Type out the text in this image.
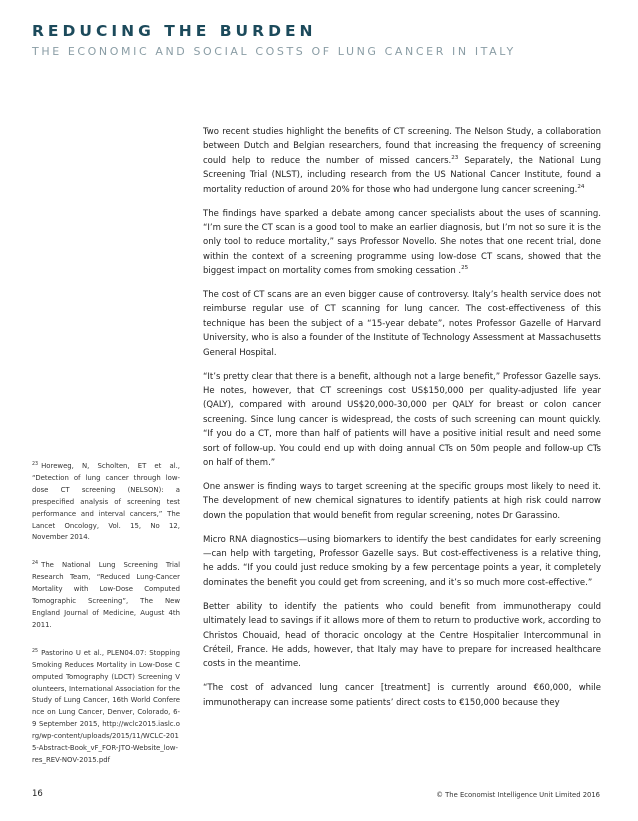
REDUCING THE BURDEN
THE ECONOMIC AND SOCIAL COSTS OF LUNG CANCER IN ITALY

Two recent studies highlight the benefits of CT screening. The Nelson Study, a collaboration between Dutch and Belgian researchers, found that increasing the frequency of screening could help to reduce the number of missed cancers.$^{23}$ Separately, the National Lung Screening Trial (NLST), including research from the US National Cancer Institute, found a mortality reduction of around 20% for those who had undergone lung cancer screening.$^{24}$

The findings have sparked a debate among cancer specialists about the uses of scanning. “I’m sure the CT scan is a good tool to make an earlier diagnosis, but I’m not so sure it is the only tool to reduce mortality,” says Professor Novello. She notes that one recent trial, done within the context of a screening programme using low-dose CT scans, showed that the biggest impact on mortality comes from smoking cessation .$^{25}$

The cost of CT scans are an even bigger cause of controversy. Italy’s health service does not reimburse regular use of CT scanning for lung cancer. The cost-effectiveness of this technique has been the subject of a “15-year debate”, notes Professor Gazelle of Harvard University, who is also a founder of the Institute of Technology Assessment at Massachusetts General Hospital.

“It’s pretty clear that there is a benefit, although not a large benefit,” Professor Gazelle says. He notes, however, that CT screenings cost US$150,000 per quality-adjusted life year (QALY), compared with around US$20,000-30,000 per QALY for breast or colon cancer screening. Since lung cancer is widespread, the costs of such screening can mount quickly. “If you do a CT, more than half of patients will have a positive initial result and need some sort of follow-up. You could end up with doing annual CTs on 50m people and follow-up CTs on half of them.”

One answer is finding ways to target screening at the specific groups most likely to need it. The development of new chemical signatures to identify patients at high risk could narrow down the population that would benefit from regular screening, notes Dr Garassino.

Micro RNA diagnostics—using biomarkers to identify the best candidates for early screening—can help with targeting, Professor Gazelle says. But cost-effectiveness is a relative thing, he adds. “If you could just reduce smoking by a few percentage points a year, it completely dominates the benefit you could get from screening, and it’s so much more cost-effective.”

Better ability to identify the patients who could benefit from immunotherapy could ultimately lead to savings if it allows more of them to return to productive work, according to Christos Chouaid, head of thoracic oncology at the Centre Hospitalier Intercommunal in Créteil, France. He adds, however, that Italy may have to prepare for increased healthcare costs in the meantime.

“The cost of advanced lung cancer [treatment] is currently around €60,000, while immunotherapy can increase some patients’ direct costs to €150,000 because they

$^{23}$ Horeweg, N, Scholten, ET et al., “Detection of lung cancer through low-dose CT screening (NELSON): a prespecified analysis of screening test performance and interval cancers,” The Lancet Oncology, Vol. 15, No 12, November 2014.

$^{24}$ The National Lung Screening Trial Research Team, “Reduced Lung-Cancer Mortality with Low-Dose Computed Tomographic Screening”, The New England Journal of Medicine, August 4th 2011.

$^{25}$ Pastorino U et al., PLEN04.07: Stopping Smoking Reduces Mortality in Low-Dose Computed Tomography (LDCT) Screening Volunteers, International Association for the Study of Lung Cancer, 16th World Conference on Lung Cancer, Denver, Colorado, 6-9 September 2015, http://wclc2015.iaslc.org/wp-content/uploads/2015/11/WCLC-2015-Abstract-Book_vF_FOR-JTO-Website_low-res_REV-NOV-2015.pdf

16	© The Economist Intelligence Unit Limited 2016
